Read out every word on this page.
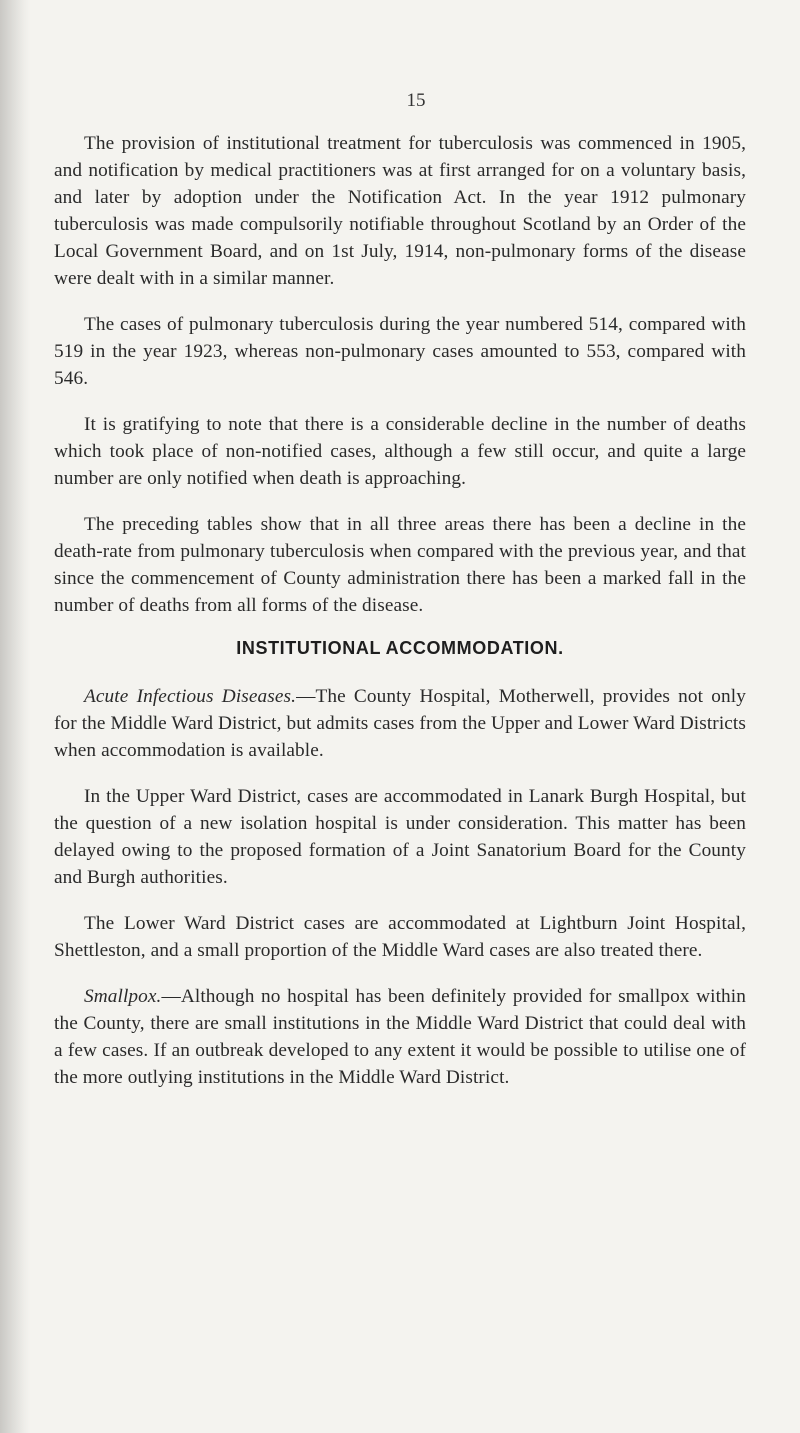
15

The provision of institutional treatment for tuberculosis was commenced in 1905, and notification by medical practitioners was at first arranged for on a voluntary basis, and later by adoption under the Notification Act. In the year 1912 pulmonary tuberculosis was made compulsorily notifiable throughout Scotland by an Order of the Local Government Board, and on 1st July, 1914, non-pulmonary forms of the disease were dealt with in a similar manner.

The cases of pulmonary tuberculosis during the year numbered 514, compared with 519 in the year 1923, whereas non-pulmonary cases amounted to 553, compared with 546.

It is gratifying to note that there is a considerable decline in the number of deaths which took place of non-notified cases, although a few still occur, and quite a large number are only notified when death is approaching.

The preceding tables show that in all three areas there has been a decline in the death-rate from pulmonary tuberculosis when compared with the previous year, and that since the commencement of County administration there has been a marked fall in the number of deaths from all forms of the disease.

INSTITUTIONAL ACCOMMODATION.

Acute Infectious Diseases.—The County Hospital, Motherwell, provides not only for the Middle Ward District, but admits cases from the Upper and Lower Ward Districts when accommodation is available.

In the Upper Ward District, cases are accommodated in Lanark Burgh Hospital, but the question of a new isolation hospital is under consideration. This matter has been delayed owing to the proposed formation of a Joint Sanatorium Board for the County and Burgh authorities.

The Lower Ward District cases are accommodated at Lightburn Joint Hospital, Shettleston, and a small proportion of the Middle Ward cases are also treated there.

Smallpox.—Although no hospital has been definitely provided for smallpox within the County, there are small institutions in the Middle Ward District that could deal with a few cases. If an outbreak developed to any extent it would be possible to utilise one of the more outlying institutions in the Middle Ward District.
